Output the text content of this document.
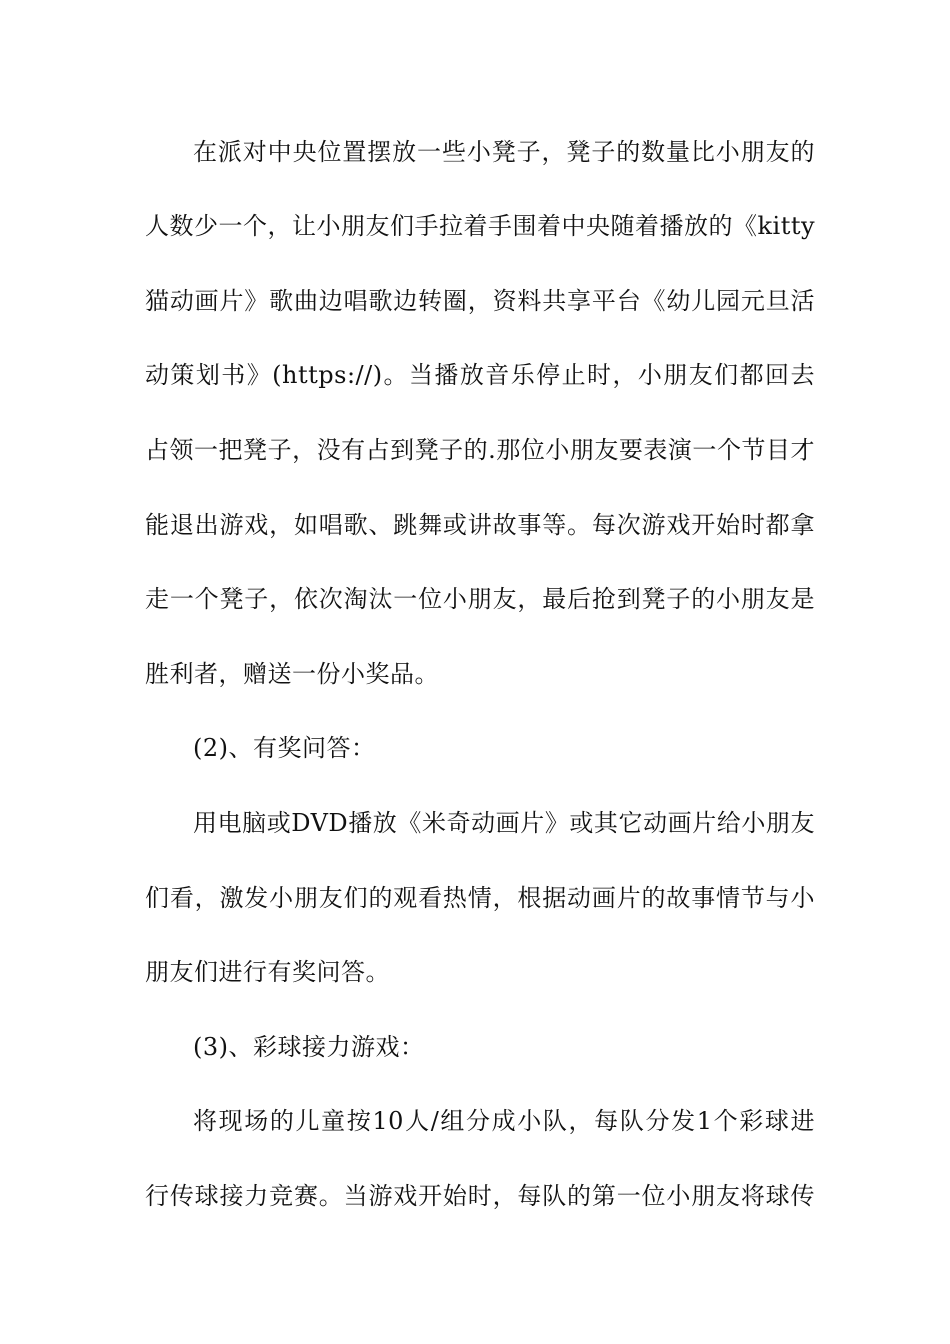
在派对中央位置摆放一些小凳子，凳子的数量比小朋友的
人数少一个，让小朋友们手拉着手围着中央随着播放的《kitty
猫动画片》歌曲边唱歌边转圈，资料共享平台《幼儿园元旦活
动策划书》(https://)。当播放音乐停止时，小朋友们都回去
占领一把凳子，没有占到凳子的.那位小朋友要表演一个节目才
能退出游戏，如唱歌、跳舞或讲故事等。每次游戏开始时都拿
走一个凳子，依次淘汰一位小朋友，最后抢到凳子的小朋友是
胜利者，赠送一份小奖品。
(2)、有奖问答：
用电脑或DVD播放《米奇动画片》或其它动画片给小朋友
们看，激发小朋友们的观看热情，根据动画片的故事情节与小
朋友们进行有奖问答。
(3)、彩球接力游戏：
将现场的儿童按10人/组分成小队，每队分发1个彩球进
行传球接力竞赛。当游戏开始时，每队的第一位小朋友将球传
